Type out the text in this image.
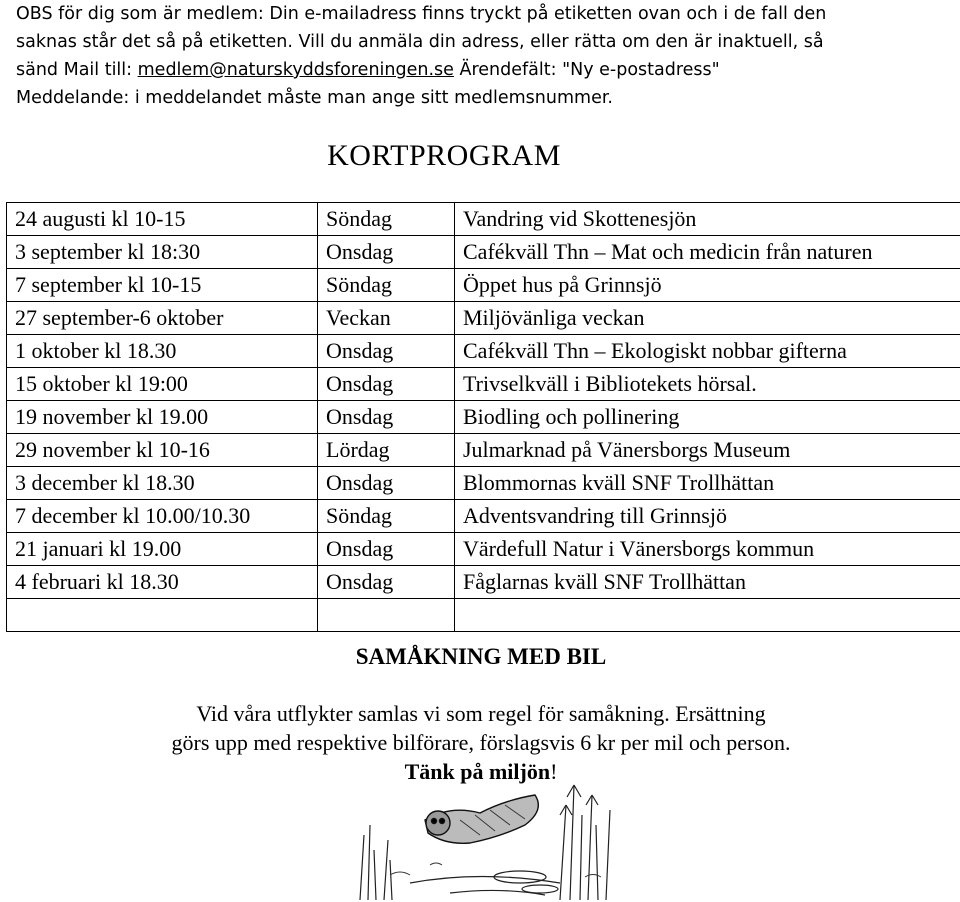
OBS för dig som är medlem: Din e-mailadress finns tryckt på etiketten ovan och i de fall den
saknas står det så på etiketten. Vill du anmäla din adress, eller rätta om den är inaktuell, så
sänd Mail till: medlem@naturskyddsforeningen.se Ärendefält: "Ny e-postadress"
Meddelande: i meddelandet måste man ange sitt medlemsnummer.
KORTPROGRAM
24 augusti kl 10-15	Söndag	Vandring vid Skottenesjön
3 september kl 18:30	Onsdag	Cafékväll Thn – Mat och medicin från naturen
7 september kl 10-15	Söndag	Öppet hus på Grinnsjö
27 september-6 oktober	Veckan	Miljövänliga veckan
1 oktober kl 18.30	Onsdag	Cafékväll Thn – Ekologiskt nobbar gifterna
15 oktober kl 19:00	Onsdag	Trivselkväll i Bibliotekets hörsal.
19 november kl 19.00	Onsdag	Biodling och pollinering
29 november kl 10-16	Lördag	Julmarknad på Vänersborgs Museum
3 december kl 18.30	Onsdag	Blommornas kväll SNF Trollhättan
7 december kl 10.00/10.30	Söndag	Adventsvandring till Grinnsjö
21 januari kl 19.00	Onsdag	Värdefull Natur i Vänersborgs kommun
4 februari kl 18.30	Onsdag	Fåglarnas kväll SNF Trollhättan

SAMÅKNING MED BIL
Vid våra utflykter samlas vi som regel för samåkning. Ersättning
görs upp med respektive bilförare, förslagsvis 6 kr per mil och person.
Tänk på miljön!
